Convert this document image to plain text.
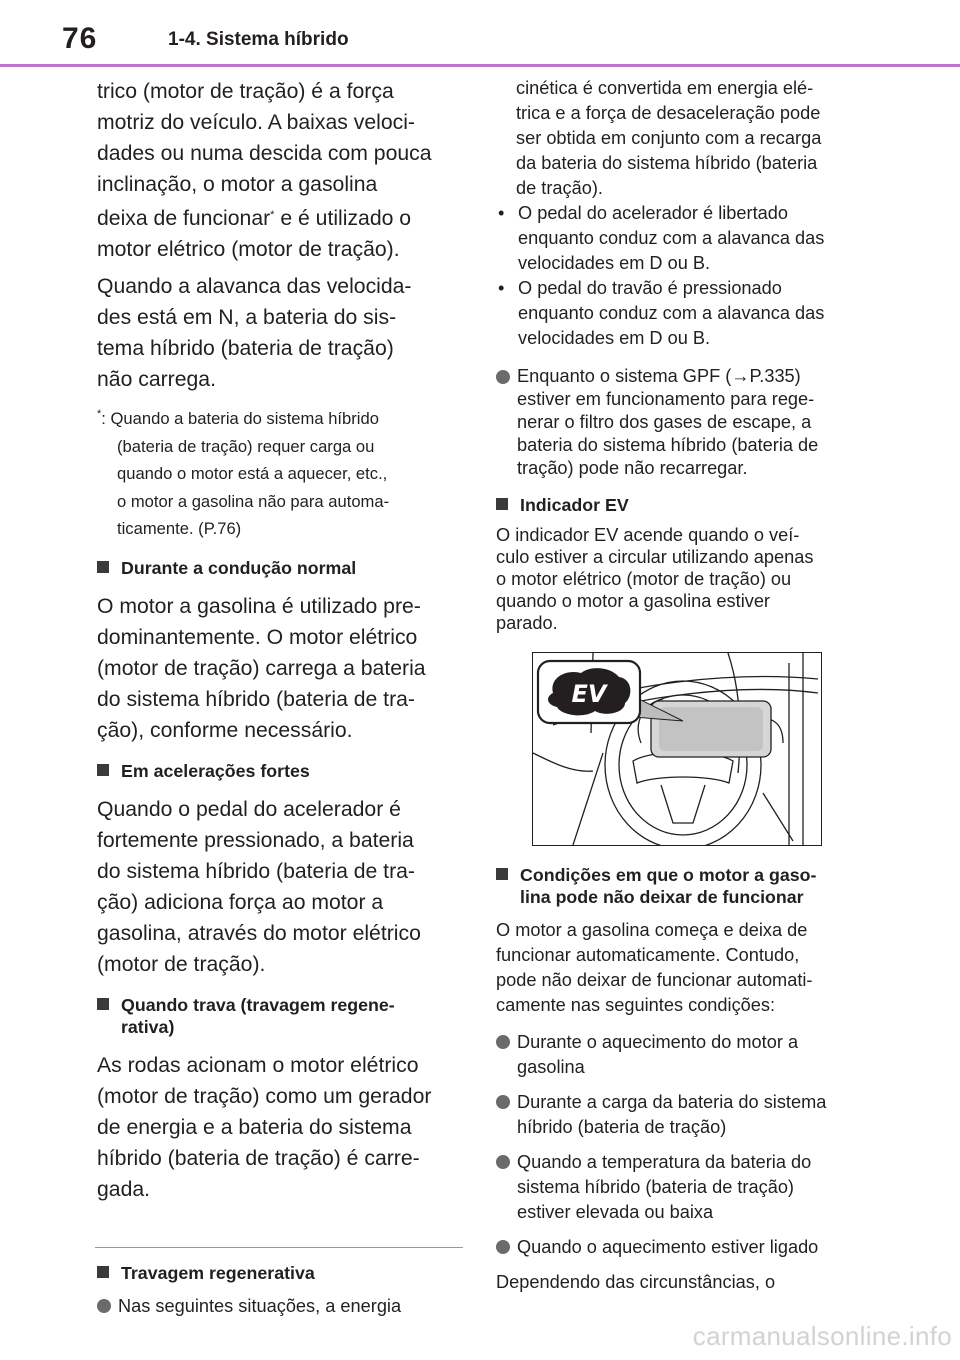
76	1-4. Sistema híbrido
trico (motor de tração) é a força
motriz do veículo. A baixas veloci-
dades ou numa descida com pouca
inclinação, o motor a gasolina
deixa de funcionar* e é utilizado o
motor elétrico (motor de tração).
Quando a alavanca das velocida-
des está em N, a bateria do sis-
tema híbrido (bateria de tração)
não carrega.
*: Quando a bateria do sistema híbrido
(bateria de tração) requer carga ou
quando o motor está a aquecer, etc.,
o motor a gasolina não para automa-
ticamente. (P.76)
Durante a condução normal
O motor a gasolina é utilizado pre-
dominantemente. O motor elétrico
(motor de tração) carrega a bateria
do sistema híbrido (bateria de tra-
ção), conforme necessário.
Em acelerações fortes
Quando o pedal do acelerador é
fortemente pressionado, a bateria
do sistema híbrido (bateria de tra-
ção) adiciona força ao motor a
gasolina, através do motor elétrico
(motor de tração).
Quando trava (travagem regene-
rativa)
As rodas acionam o motor elétrico
(motor de tração) como um gerador
de energia e a bateria do sistema
híbrido (bateria de tração) é carre-
gada.
Travagem regenerativa
Nas seguintes situações, a energia
cinética é convertida em energia elé-
trica e a força de desaceleração pode
ser obtida em conjunto com a recarga
da bateria do sistema híbrido (bateria
de tração).
• O pedal do acelerador é libertado
enquanto conduz com a alavanca das
velocidades em D ou B.
• O pedal do travão é pressionado
enquanto conduz com a alavanca das
velocidades em D ou B.
Enquanto o sistema GPF (→P.335)
estiver em funcionamento para rege-
nerar o filtro dos gases de escape, a
bateria do sistema híbrido (bateria de
tração) pode não recarregar.
Indicador EV
O indicador EV acende quando o veí-
culo estiver a circular utilizando apenas
o motor elétrico (motor de tração) ou
quando o motor a gasolina estiver
parado.
EV
Condições em que o motor a gaso-
lina pode não deixar de funcionar
O motor a gasolina começa e deixa de
funcionar automaticamente. Contudo,
pode não deixar de funcionar automati-
camente nas seguintes condições:
Durante o aquecimento do motor a
gasolina
Durante a carga da bateria do sistema
híbrido (bateria de tração)
Quando a temperatura da bateria do
sistema híbrido (bateria de tração)
estiver elevada ou baixa
Quando o aquecimento estiver ligado
Dependendo das circunstâncias, o
carmanualsonline.info
